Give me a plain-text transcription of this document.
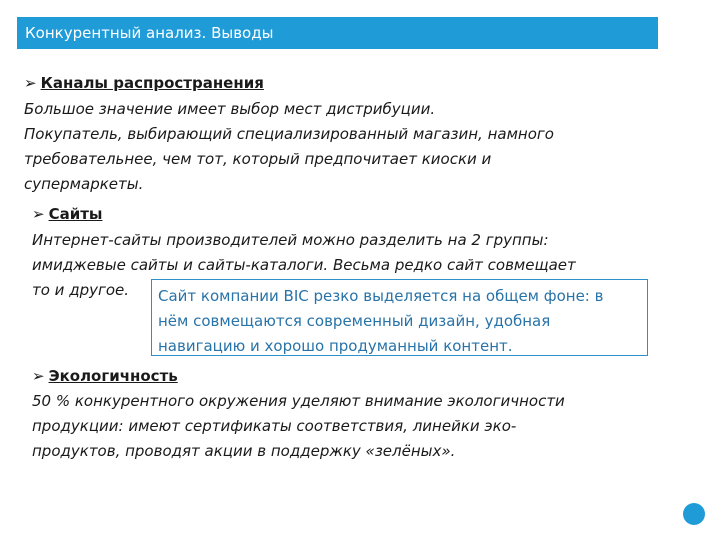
Конкурентный анализ. Выводы
➢ Каналы распространения

Большое значение имеет выбор мест дистрибуции.
Покупатель, выбирающий специализированный магазин, намного
требовательнее, чем тот, который предпочитает киоски и
супермаркеты.

➢ Сайты

Интернет-сайты производителей можно разделить на 2 группы:
имиджевые сайты и сайты-каталоги. Весьма редко сайт совмещает
то и другое.	Сайт компании BIC резко выделяется на общем фоне: в
нём совмещаются современный дизайн, удобная
навигацию и хорошо продуманный контент.
➢ Экологичность

50 % конкурентного окружения уделяют внимание экологичности
продукции: имеют сертификаты соответствия, линейки эко-
продуктов, проводят акции в поддержку «зелёных».
